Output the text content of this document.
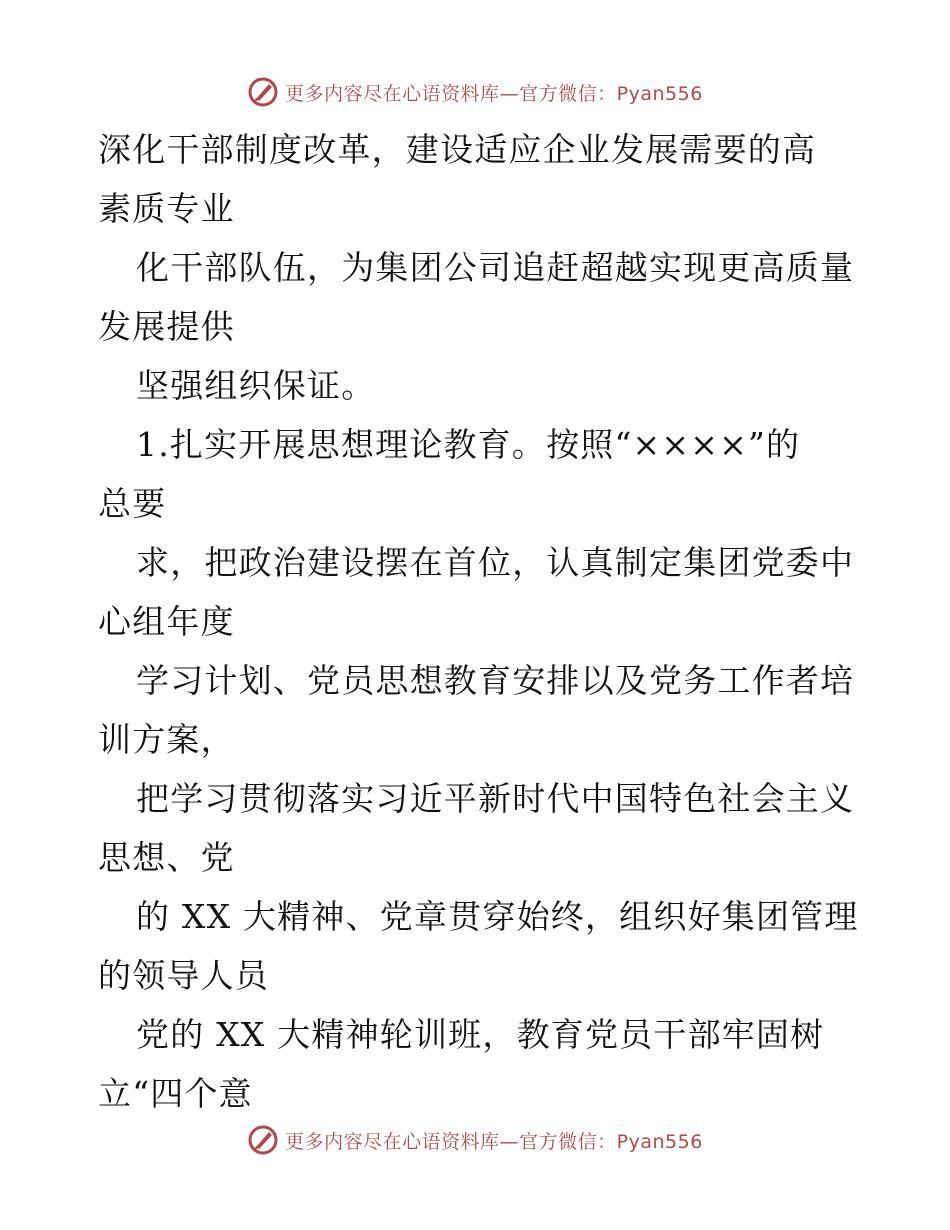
更多内容尽在心语资料库—官方微信：Pyan556
深化干部制度改革，建设适应企业发展需要的高
素质专业
化干部队伍，为集团公司追赶超越实现更高质量
发展提供
坚强组织保证。
1.扎实开展思想理论教育。按照“××××”的
总要
求，把政治建设摆在首位，认真制定集团党委中
心组年度
学习计划、党员思想教育安排以及党务工作者培
训方案，
把学习贯彻落实习近平新时代中国特色社会主义
思想、党
的 XX 大精神、党章贯穿始终，组织好集团管理
的领导人员
党的 XX 大精神轮训班，教育党员干部牢固树
立“四个意
更多内容尽在心语资料库—官方微信：Pyan556
